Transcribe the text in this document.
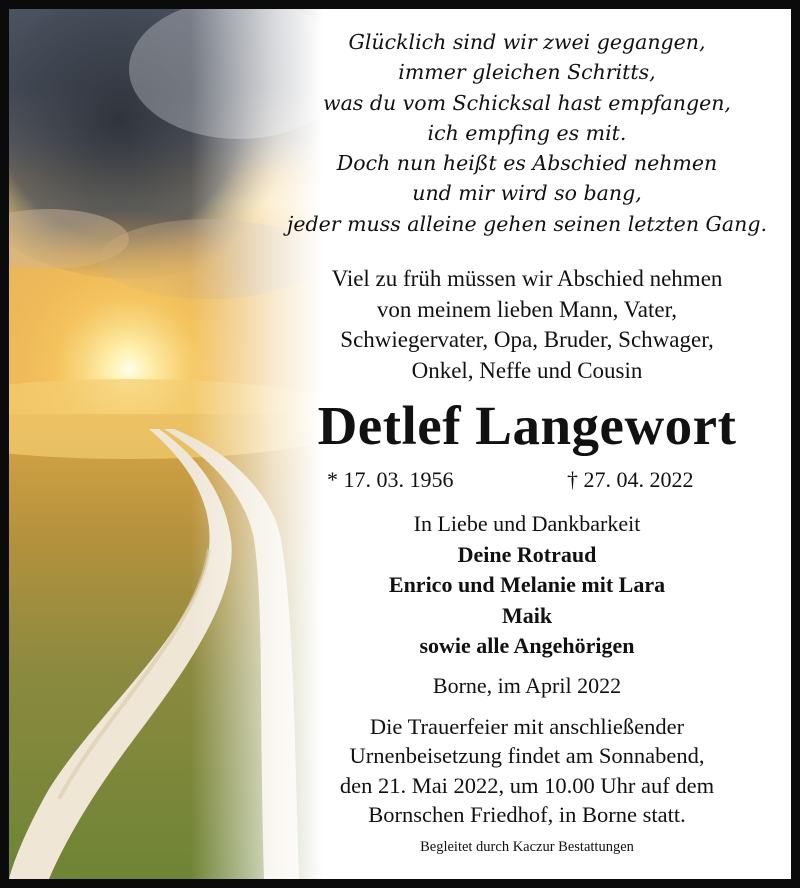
Glücklich sind wir zwei gegangen,
immer gleichen Schritts,
was du vom Schicksal hast empfangen,
ich empfing es mit.
Doch nun heißt es Abschied nehmen
und mir wird so bang,
jeder muss alleine gehen seinen letzten Gang.
Viel zu früh müssen wir Abschied nehmen
von meinem lieben Mann, Vater,
Schwiegervater, Opa, Bruder, Schwager,
Onkel, Neffe und Cousin
Detlef Langewort
* 17. 03. 1956	† 27. 04. 2022
In Liebe und Dankbarkeit
Deine Rotraud
Enrico und Melanie mit Lara
Maik
sowie alle Angehörigen
Borne, im April 2022
Die Trauerfeier mit anschließender
Urnenbeisetzung findet am Sonnabend,
den 21. Mai 2022, um 10.00 Uhr auf dem
Bornschen Friedhof, in Borne statt.
Begleitet durch Kaczur Bestattungen
